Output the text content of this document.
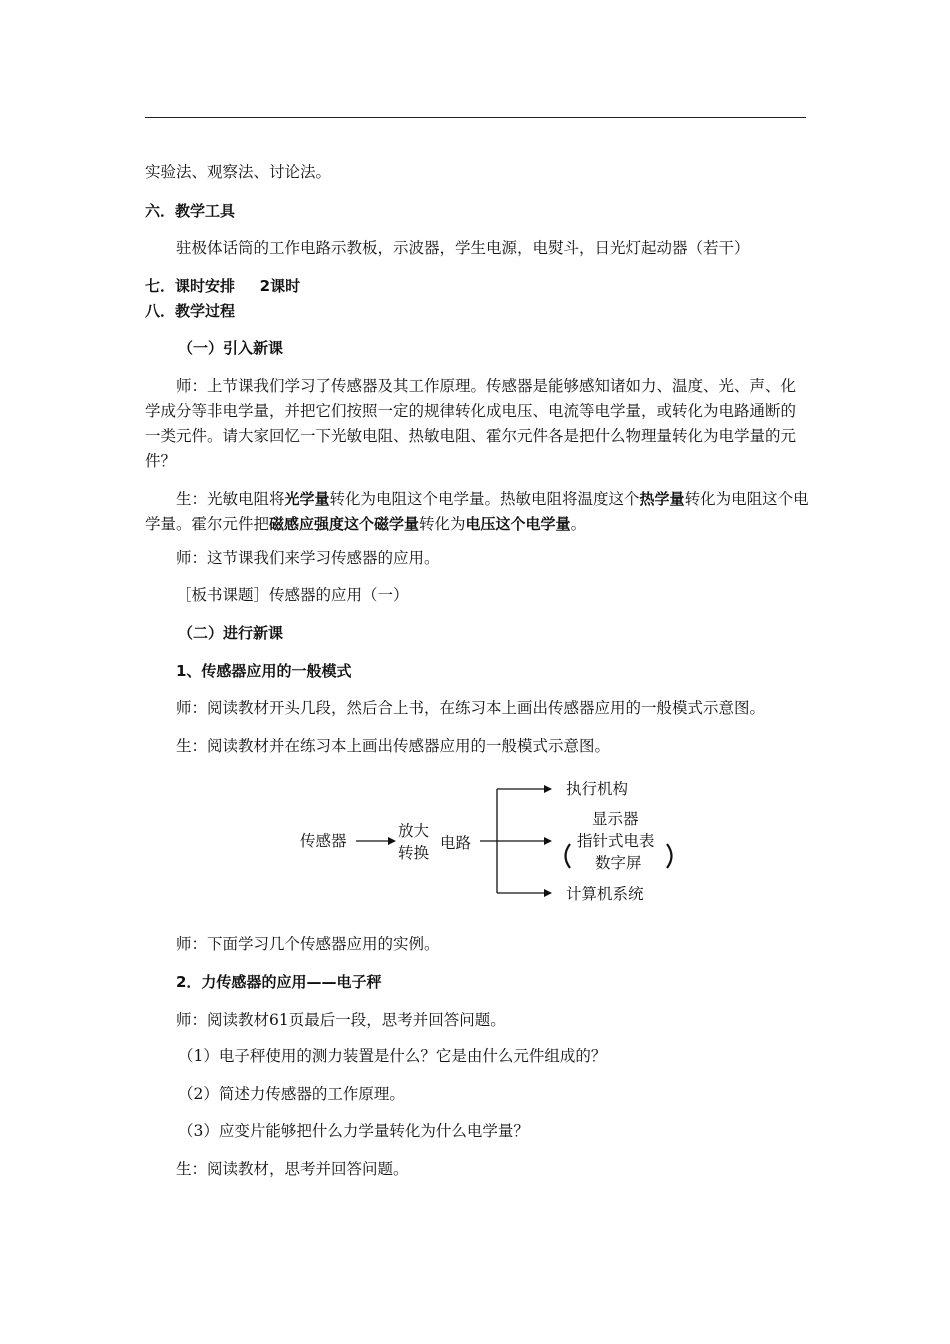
实验法、观察法、讨论法。
六．教学工具
驻极体话筒的工作电路示教板，示波器，学生电源，电熨斗，日光灯起动器（若干）
七．课时安排 2课时
八．教学过程
（一）引入新课
师：上节课我们学习了传感器及其工作原理。传感器是能够感知诸如力、温度、光、声、化学成分等非电学量，并把它们按照一定的规律转化成电压、电流等电学量，或转化为电路通断的一类元件。请大家回忆一下光敏电阻、热敏电阻、霍尔元件各是把什么物理量转化为电学量的元件？
生：光敏电阻将光学量转化为电阻这个电学量。热敏电阻将温度这个热学量转化为电阻这个电学量。霍尔元件把磁感应强度这个磁学量转化为电压这个电学量。
师：这节课我们来学习传感器的应用。
［板书课题］传感器的应用（一）
（二）进行新课
1、传感器应用的一般模式
师：阅读教材开头几段，然后合上书，在练习本上画出传感器应用的一般模式示意图。
生：阅读教材并在练习本上画出传感器应用的一般模式示意图。
传感器
放大
转换
电路
执行机构
显示器
指针式电表
数字屏
计算机系统
师：下面学习几个传感器应用的实例。
2．力传感器的应用——电子秤
师：阅读教材61页最后一段，思考并回答问题。
（1）电子秤使用的测力装置是什么？它是由什么元件组成的？
（2）简述力传感器的工作原理。
（3）应变片能够把什么力学量转化为什么电学量？
生：阅读教材，思考并回答问题。
